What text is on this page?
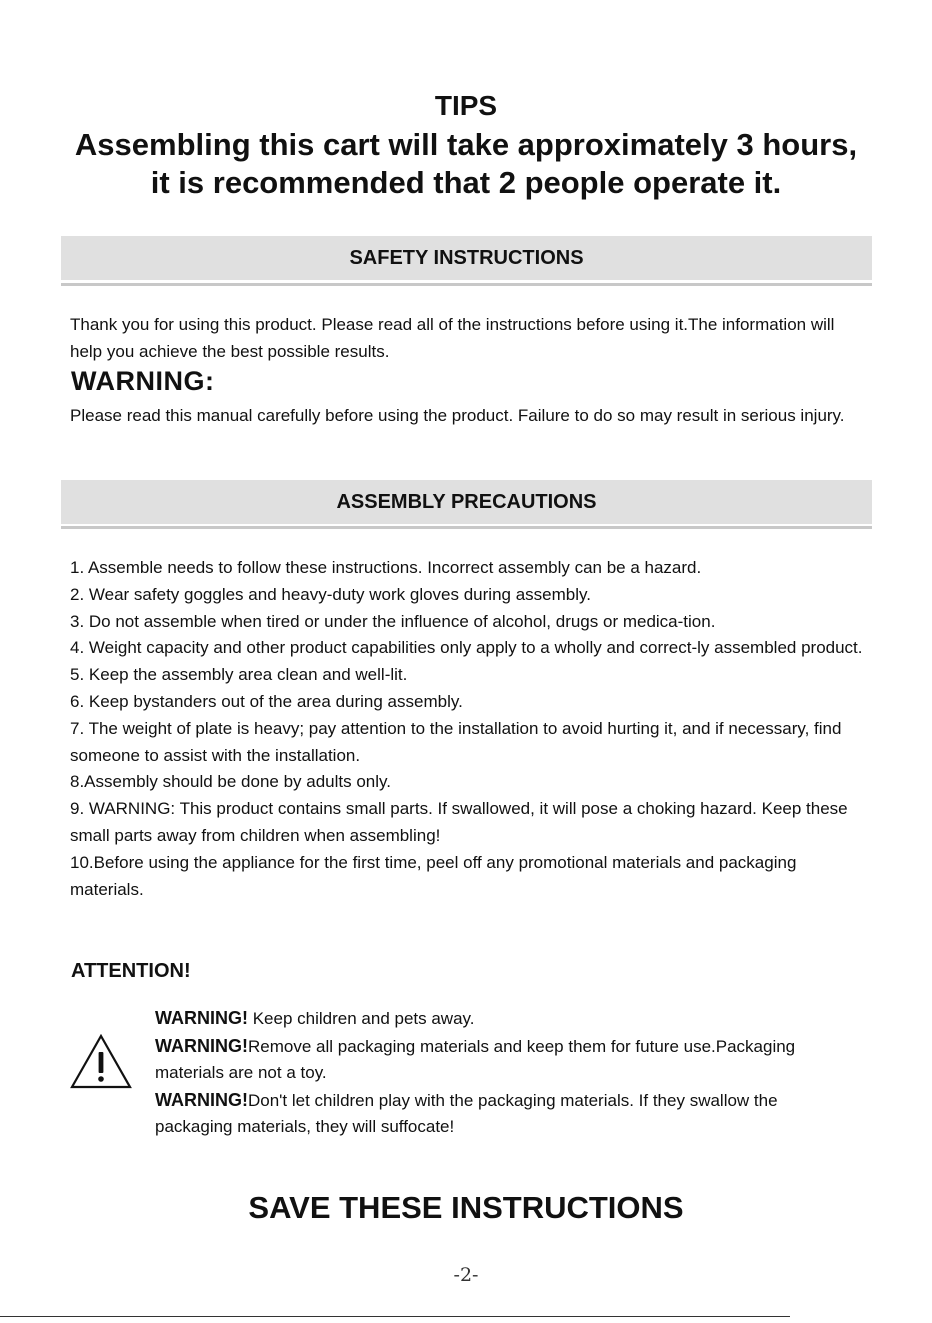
TIPS
Assembling this cart will take approximately 3 hours,
it is recommended that 2 people operate it.
SAFETY INSTRUCTIONS
Thank you for using this product. Please read all of the instructions before using it.The information will help you achieve the best possible results.
WARNING:
Please read this manual carefully before using the product. Failure to do so may result in serious injury.
ASSEMBLY PRECAUTIONS
1. Assemble needs to follow these instructions. Incorrect assembly can be a hazard.
2. Wear safety goggles and heavy-duty work gloves during assembly.
3. Do not assemble when tired or under the influence of alcohol, drugs or medica-tion.
4. Weight capacity and other product capabilities only apply to a wholly and correct-ly assembled product.
5. Keep the assembly area clean and well-lit.
6. Keep bystanders out of the area during assembly.
7. The weight of plate is heavy; pay attention to the installation to avoid hurting it, and if necessary, find someone to assist with the installation.
8.Assembly should be done by adults only.
9. WARNING: This product contains small parts. If swallowed, it will pose a choking hazard. Keep these small parts away from children when assembling!
10.Before using the appliance for the first time, peel off any promotional materials and packaging materials.
ATTENTION!
WARNING! Keep children and pets away.
WARNING!Remove all packaging materials and keep them for future use.Packaging materials are not a toy.
WARNING!Don't let children play with the packaging materials. If they swallow the packaging materials, they will suffocate!
SAVE THESE INSTRUCTIONS
-2-
